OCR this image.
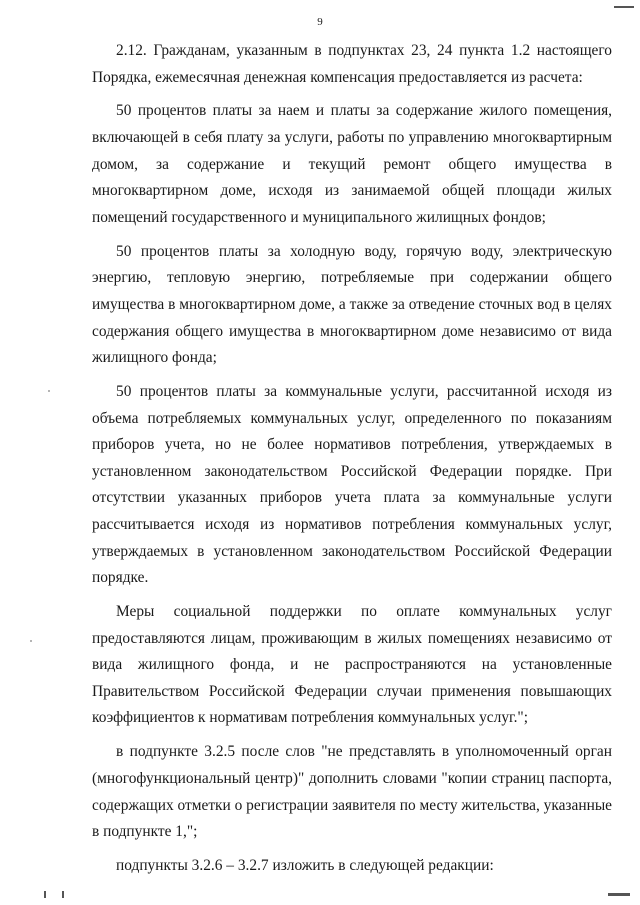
9

2.12. Гражданам, указанным в подпунктах 23, 24 пункта 1.2 настоящего Порядка, ежемесячная денежная компенсация предоставляется из расчета:

50 процентов платы за наем и платы за содержание жилого помещения, включающей в себя плату за услуги, работы по управлению многоквартирным домом, за содержание и текущий ремонт общего имущества в многоквартирном доме, исходя из занимаемой общей площади жилых помещений государственного и муниципального жилищных фондов;

50 процентов платы за холодную воду, горячую воду, электрическую энергию, тепловую энергию, потребляемые при содержании общего имущества в многоквартирном доме, а также за отведение сточных вод в целях содержания общего имущества в многоквартирном доме независимо от вида жилищного фонда;

50 процентов платы за коммунальные услуги, рассчитанной исходя из объема потребляемых коммунальных услуг, определенного по показаниям приборов учета, но не более нормативов потребления, утверждаемых в установленном законодательством Российской Федерации порядке. При отсутствии указанных приборов учета плата за коммунальные услуги рассчитывается исходя из нормативов потребления коммунальных услуг, утверждаемых в установленном законодательством Российской Федерации порядке.

Меры социальной поддержки по оплате коммунальных услуг предоставляются лицам, проживающим в жилых помещениях независимо от вида жилищного фонда, и не распространяются на установленные Правительством Российской Федерации случаи применения повышающих коэффициентов к нормативам потребления коммунальных услуг.";

в подпункте 3.2.5 после слов "не представлять в уполномоченный орган (многофункциональный центр)" дополнить словами "копии страниц паспорта, содержащих отметки о регистрации заявителя по месту жительства, указанные в подпункте 1,";

подпункты 3.2.6 – 3.2.7 изложить в следующей редакции:
